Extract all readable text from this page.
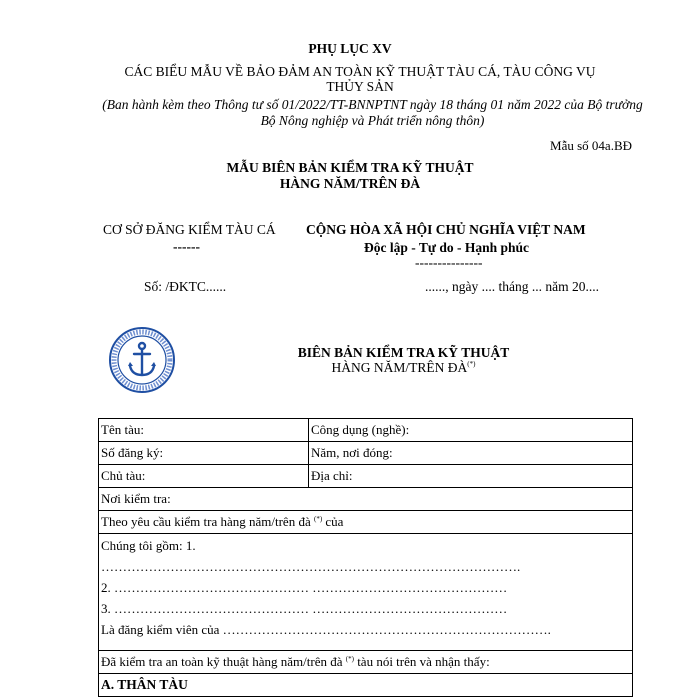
PHỤ LỤC XV
CÁC BIỂU MẪU VỀ BẢO ĐẢM AN TOÀN KỸ THUẬT TÀU CÁ, TÀU CÔNG VỤ THỦY SẢN
(Ban hành kèm theo Thông tư số 01/2022/TT-BNNPTNT ngày 18 tháng 01 năm 2022 của Bộ trưởng Bộ Nông nghiệp và Phát triển nông thôn)
Mẫu số 04a.BĐ
MẪU BIÊN BẢN KIỂM TRA KỸ THUẬT
HÀNG NĂM/TRÊN ĐÀ
CƠ SỞ ĐĂNG KIỂM TÀU CÁ
------
CỘNG HÒA XÃ HỘI CHỦ NGHĨA VIỆT NAM
Độc lập - Tự do - Hạnh phúc
---------------
Số: /ĐKTC......	......, ngày .... tháng ... năm 20....
BIÊN BẢN KIỂM TRA KỸ THUẬT
HÀNG NĂM/TRÊN ĐÀ(*)
Tên tàu:	Công dụng (nghề):
Số đăng ký:	Năm, nơi đóng:
Chủ tàu:	Địa chỉ:
Nơi kiểm tra:	
Theo yêu cầu kiểm tra hàng năm/trên đà (*) của	

Chúng tôi gồm: 1.
…………………………………………………………………………………….
2. ……………………………………… ………………………………………
3. ……………………………………… ………………………………………
Là đăng kiểm viên của ………………………………………………………………….	

Đã kiểm tra an toàn kỹ thuật hàng năm/trên đà (*) tàu nói trên và nhận thấy:	
A. THÂN TÀU	
